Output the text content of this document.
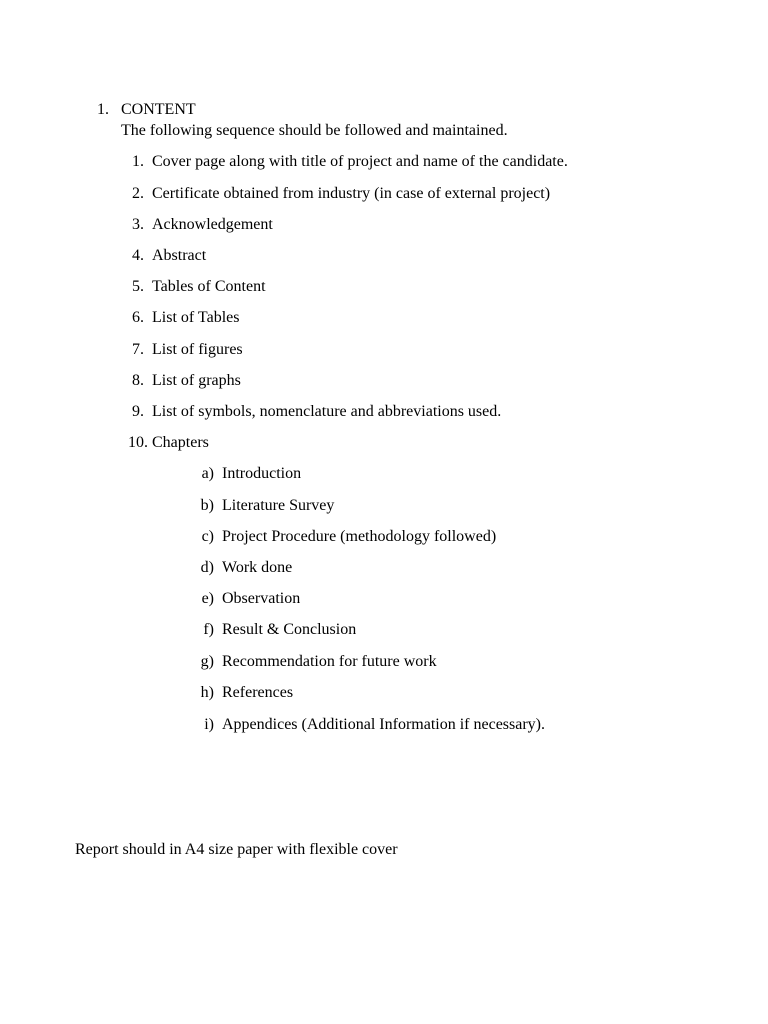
1. CONTENT
The following sequence should be followed and maintained.
1. Cover page along with title of project and name of the candidate.
2. Certificate obtained from industry (in case of external project)
3. Acknowledgement
4. Abstract
5. Tables of Content
6. List of Tables
7. List of figures
8. List of graphs
9. List of symbols, nomenclature and abbreviations used.
10. Chapters
a) Introduction
b) Literature Survey
c) Project Procedure (methodology followed)
d) Work done
e) Observation
f) Result & Conclusion
g) Recommendation for future work
h) References
i) Appendices (Additional Information if necessary).
Report should in A4 size paper with flexible cover
